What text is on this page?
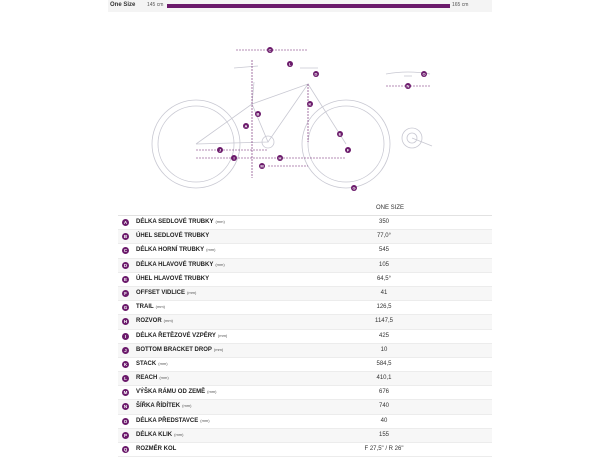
One Size 145 cm	165 cm
C
A
B
D
K
L
E
F
G
H
J
I
M
O
N
ONE SIZE
A	DÉLKA SEDLOVÉ TRUBKY (mm)	350
B	ÚHEL SEDLOVÉ TRUBKY	77,0°
C	DÉLKA HORNÍ TRUBKY (mm)	545
D	DÉLKA HLAVOVÉ TRUBKY (mm)	105
E	ÚHEL HLAVOVÉ TRUBKY	64,5°
F	OFFSET VIDLICE (mm)	41
G TRAIL (mm)	126,5
H	ROZVOR (mm)	1147,5
I	DÉLKA ŘETĚZOVÉ VZPĚRY (mm)	425
J	BOTTOM BRACKET DROP (mm)	10
K	STACK (mm)	584,5
L	REACH (mm)	410,1
M VÝŠKA RÁMU OD ZEMĚ (mm)	676
N	ŠÍŘKA ŘÍDÍTEK (mm)	740
O DÉLKA PŘEDSTAVCE (mm)	40
P	DÉLKA KLIK (mm)	155
Q ROZMĚR KOL	F 27,5" / R 26"
